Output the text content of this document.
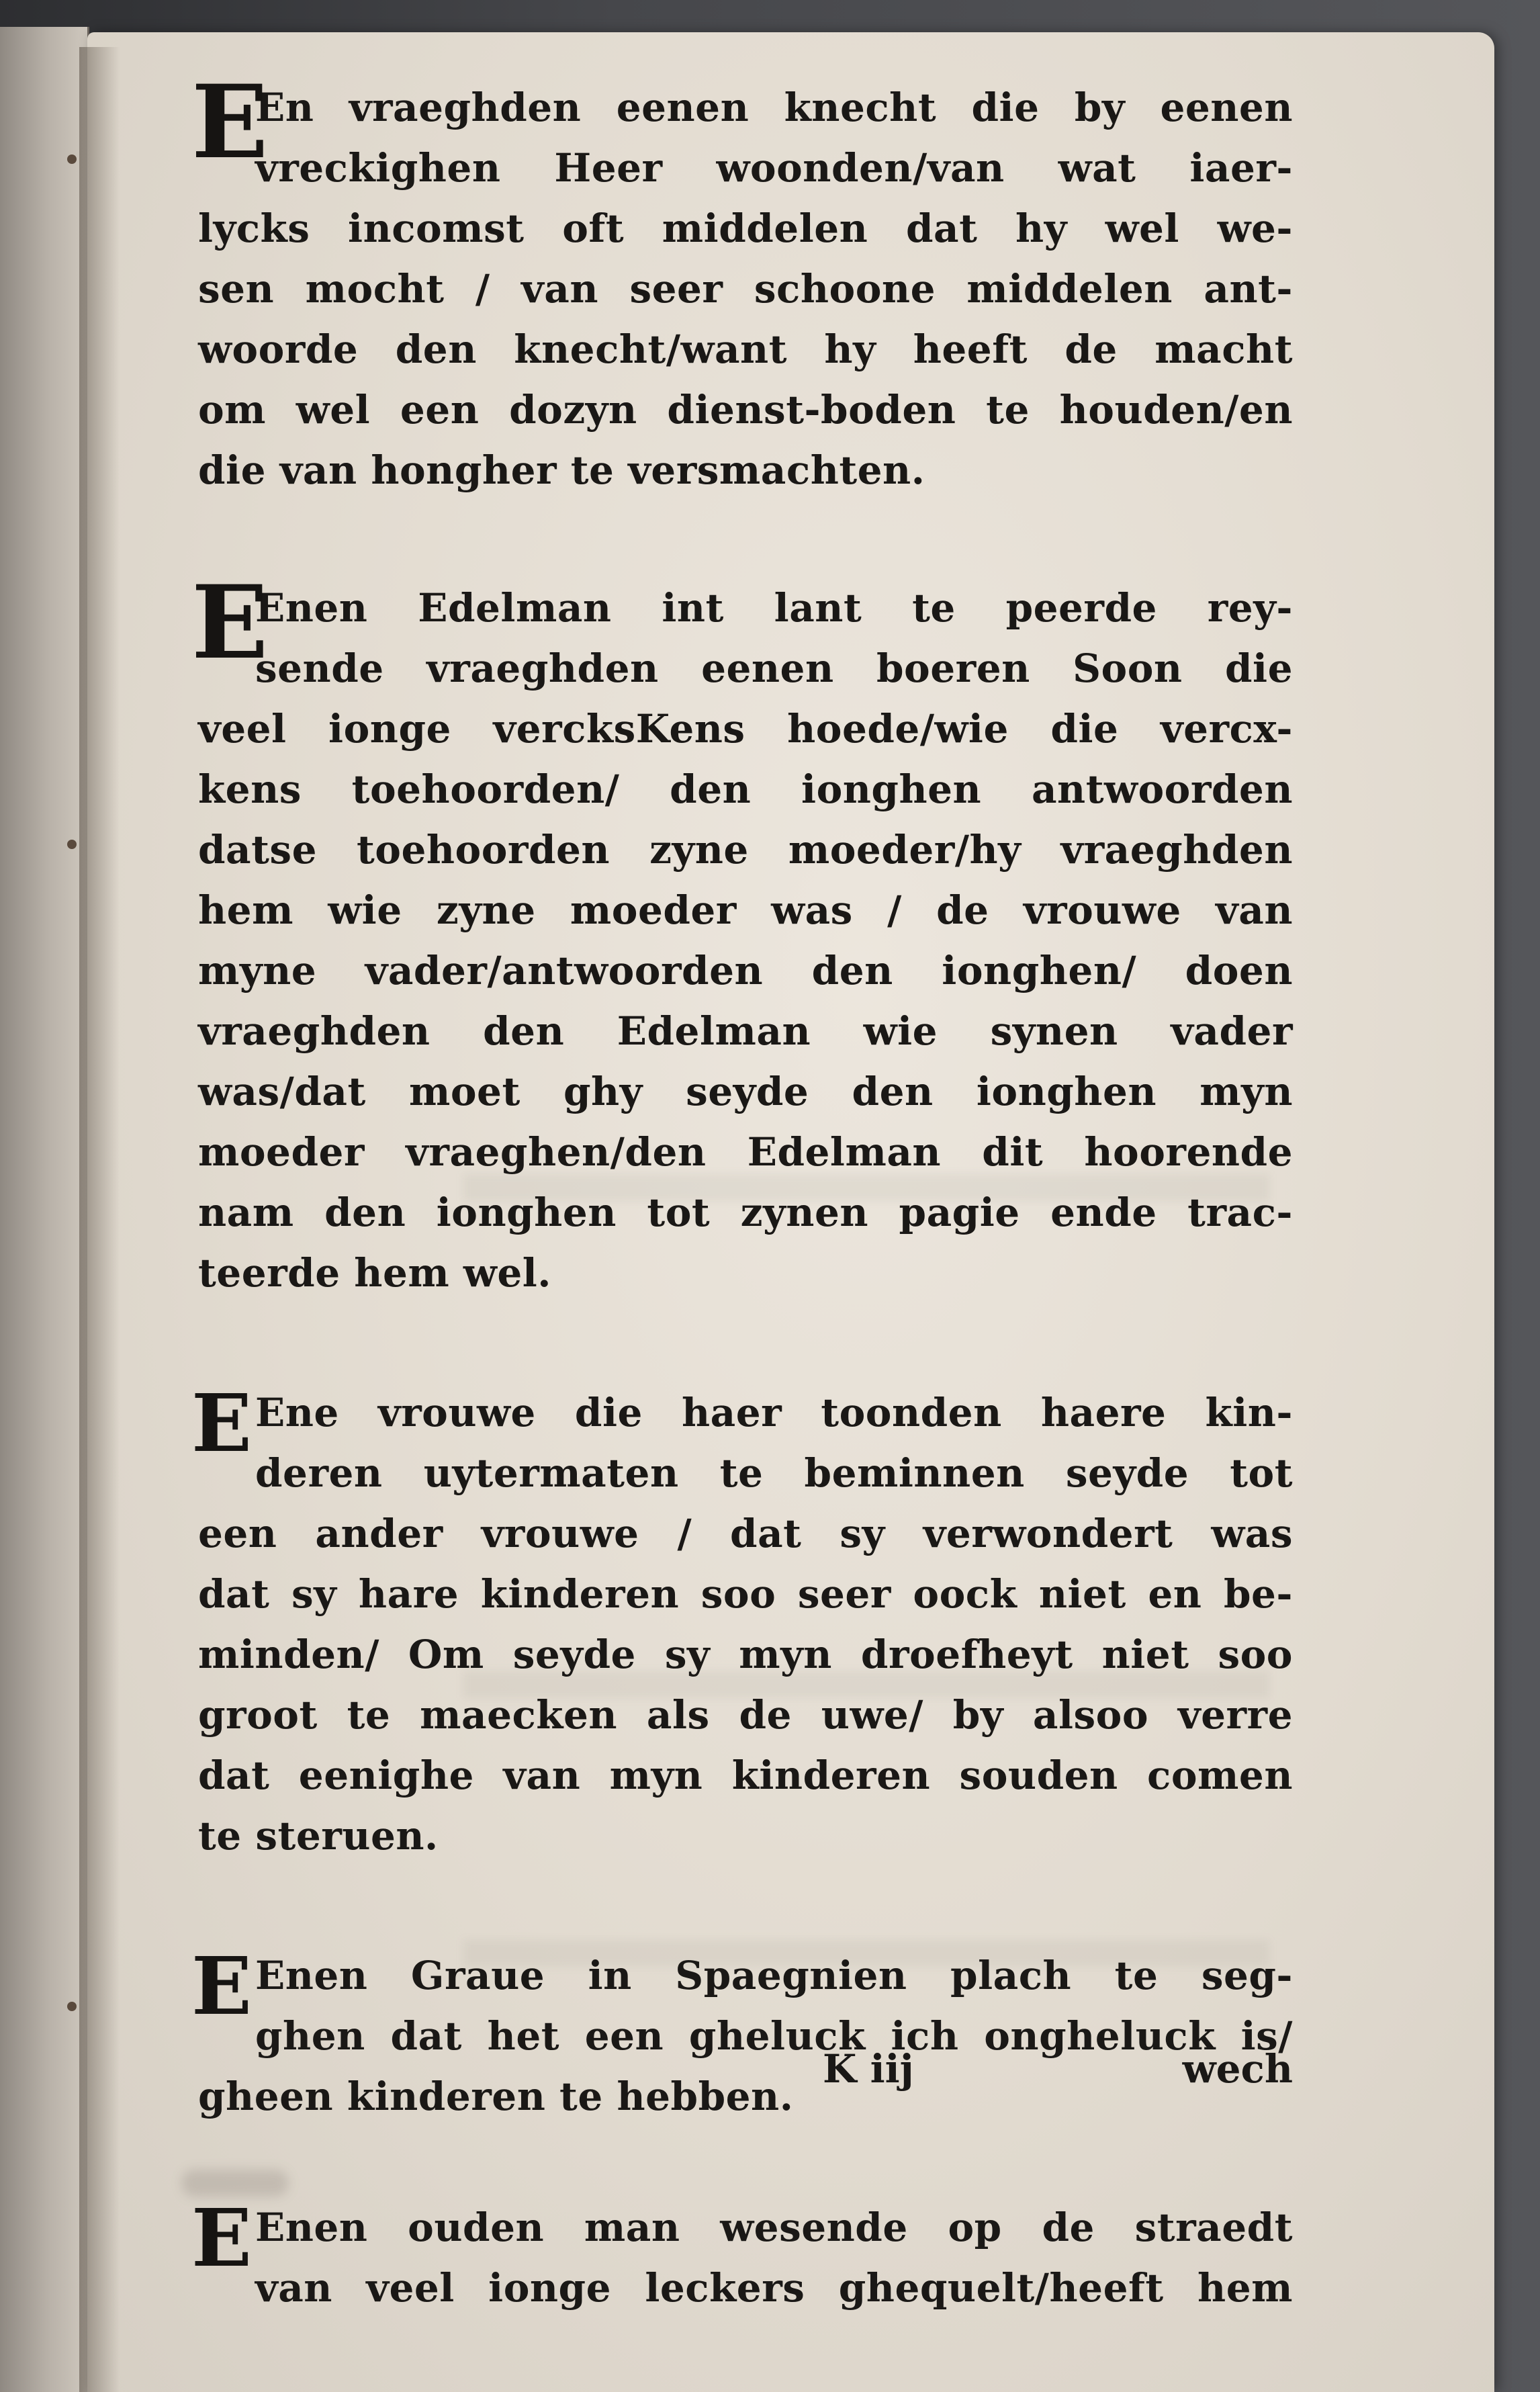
E
En vraeghden eenen knecht die by eenen
vreckighen Heer woonden/van wat iaer-
lycks incomst oft middelen dat hy wel we-
sen mocht / van seer schoone middelen ant-
woorde den knecht/want hy heeft de macht
om wel een dozyn dienst-boden te houden/en
die van hongher te versmachten.
E
Enen Edelman int lant te peerde rey-
sende vraeghden eenen boeren Soon die
veel ionge vercksKens hoede/wie die vercx-
kens toehoorden/ den ionghen antwoorden
datse toehoorden zyne moeder/hy vraeghden
hem wie zyne moeder was / de vrouwe van
myne vader/antwoorden den ionghen/ doen
vraeghden den Edelman wie synen vader
was/dat moet ghy seyde den ionghen myn
moeder vraeghen/den Edelman dit hoorende
nam den ionghen tot zynen pagie ende trac-
teerde hem wel.
E Ene vrouwe die haer toonden haere kin-
deren uytermaten te beminnen seyde tot
een ander vrouwe / dat sy verwondert was
dat sy hare kinderen soo seer oock niet en be-
minden/ Om seyde sy myn droefheyt niet soo
groot te maecken als de uwe/ by alsoo verre
dat eenighe van myn kinderen souden comen
te steruen.
E Enen Graue in Spaegnien plach te seg-
ghen dat het een gheluck ich ongheluck is/
gheen kinderen te hebben.
E Enen ouden man wesende op de straedt
van veel ionge leckers ghequelt/heeft hem
K iij	wech
